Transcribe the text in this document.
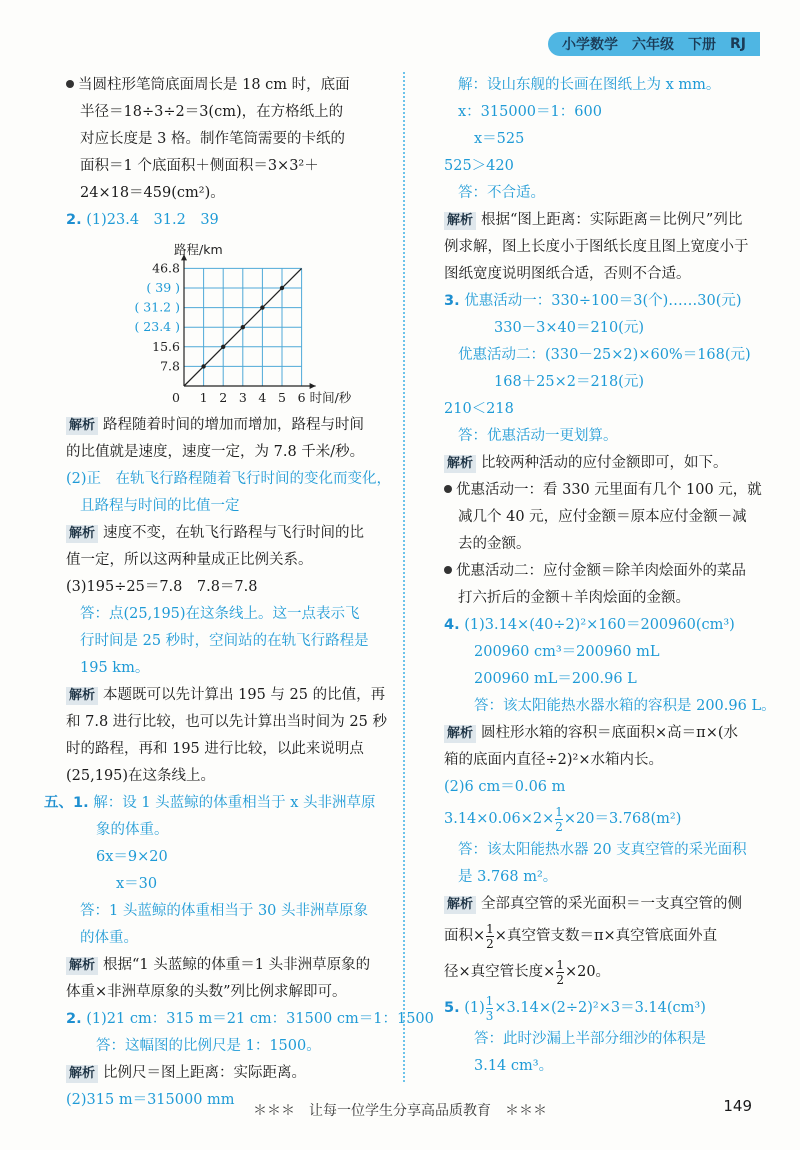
小学数学 六年级 下册 RJ
当圆柱形笔筒底面周长是 18 cm 时，底面
半径＝18÷3÷2＝3(cm)，在方格纸上的
对应长度是 3 格。制作笔筒需要的卡纸的
面积＝1 个底面积＋侧面积＝3×3²＋
24×18＝459(cm²)。
2. (1)23.4　31.2　39
7.8
15.6
( 23.4 )
( 31.2 )
( 39 )
46.8
0 1 2 3 4 5 6 时间/秒
路程/km
解析 路程随着时间的增加而增加，路程与时间
的比值就是速度，速度一定，为 7.8 千米/秒。
(2)正　在轨飞行路程随着飞行时间的变化而变化，
且路程与时间的比值一定
解析 速度不变，在轨飞行路程与飞行时间的比
值一定，所以这两种量成正比例关系。
(3)195÷25＝7.8　7.8＝7.8
答：点(25,195)在这条线上。这一点表示飞
行时间是 25 秒时，空间站的在轨飞行路程是
195 km。
解析 本题既可以先计算出 195 与 25 的比值，再
和 7.8 进行比较，也可以先计算出当时间为 25 秒
时的路程，再和 195 进行比较，以此来说明点
(25,195)在这条线上。
五、1. 解：设 1 头蓝鲸的体重相当于 x 头非洲草原
象的体重。
6x＝9×20
x＝30
答：1 头蓝鲸的体重相当于 30 头非洲草原象
的体重。
解析 根据“1 头蓝鲸的体重＝1 头非洲草原象的
体重×非洲草原象的头数”列比例求解即可。
2. (1)21 cm：315 m＝21 cm：31500 cm＝1：1500
答：这幅图的比例尺是 1：1500。
解析 比例尺＝图上距离：实际距离。
(2)315 m＝315000 mm
解：设山东舰的长画在图纸上为 x mm。
x：315000＝1：600
x＝525
525＞420
答：不合适。
解析 根据“图上距离：实际距离＝比例尺”列比
例求解，图上长度小于图纸长度且图上宽度小于
图纸宽度说明图纸合适，否则不合适。
3. 优惠活动一：330÷100＝3(个)……30(元)
330－3×40＝210(元)
优惠活动二：(330－25×2)×60%＝168(元)
168＋25×2＝218(元)
210＜218
答：优惠活动一更划算。
解析 比较两种活动的应付金额即可，如下。
优惠活动一：看 330 元里面有几个 100 元，就
减几个 40 元，应付金额＝原本应付金额－减
去的金额。
优惠活动二：应付金额＝除羊肉烩面外的菜品
打六折后的金额＋羊肉烩面的金额。
4. (1)3.14×(40÷2)²×160＝200960(cm³)
200960 cm³＝200960 mL
200960 mL＝200.96 L
答：该太阳能热水器水箱的容积是 200.96 L。
解析 圆柱形水箱的容积＝底面积×高＝π×(水
箱的底面内直径÷2)²×水箱内长。
(2)6 cm＝0.06 m
$3.14\times 0.06\times 2\times \frac{1}{2} \times 20=3.768(m^2)$
答：该太阳能热水器 20 支真空管的采光面积
是 3.768 m²。
解析 全部真空管的采光面积＝一支真空管的侧
面积× $\frac{1}{2}$ ×真空管支数＝π×真空管底面外直
径×真空管长度× $\frac{1}{2} \times 20$。
5. $(1) \frac{1}{3} \times 3.14\times(2\div 2)^2\times 3=3.14(cm^3)$
答：此时沙漏上半部分细沙的体积是
3.14 cm³。
＊＊＊　让每一位学生分享高品质教育　＊＊＊	149
